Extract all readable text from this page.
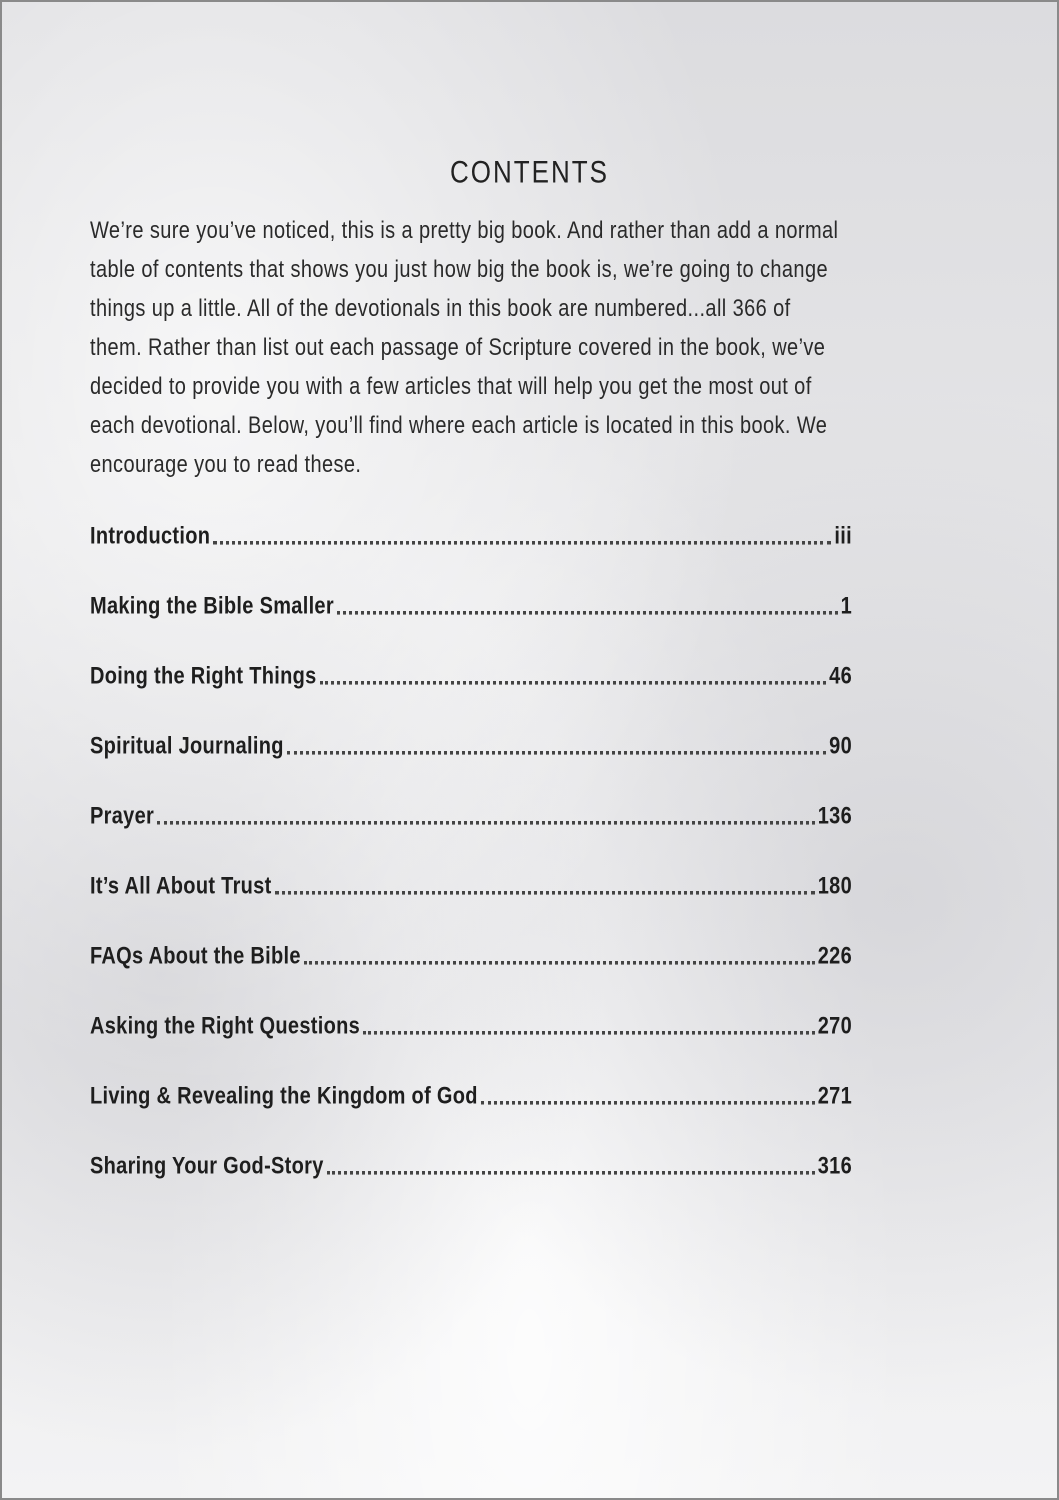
CONTENTS
We’re sure you’ve noticed, this is a pretty big book. And rather than add a normal
table of contents that shows you just how big the book is, we’re going to change
things up a little. All of the devotionals in this book are numbered...all 366 of
them. Rather than list out each passage of Scripture covered in the book, we’ve
decided to provide you with a few articles that will help you get the most out of
each devotional. Below, you’ll find where each article is located in this book. We
encourage you to read these.
Introduction	iii
Making the Bible Smaller	1
Doing the Right Things	46
Spiritual Journaling	90
Prayer	136
It’s All About Trust	180
FAQs About the Bible	226
Asking the Right Questions	270
Living & Revealing the Kingdom of God	271
Sharing Your God-Story	316
